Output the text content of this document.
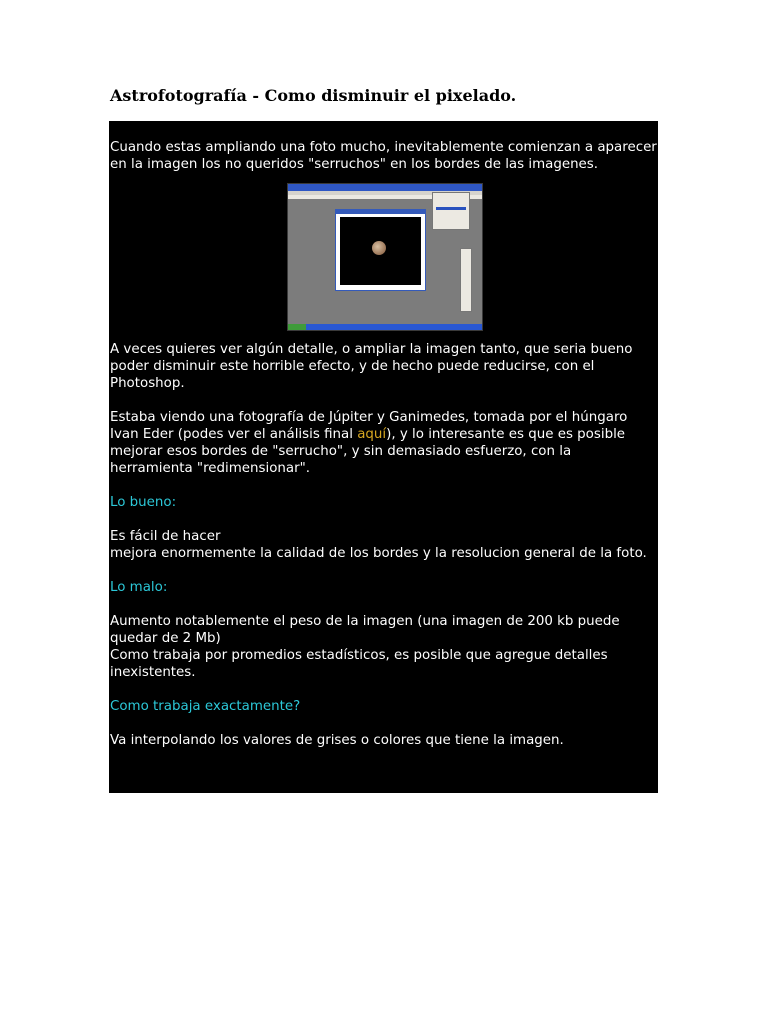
Astrofotografía - Como disminuir el pixelado.

Cuando estas ampliando una foto mucho, inevitablemente comienzan a aparecer en la imagen los no queridos "serruchos" en los bordes de las imagenes.

A veces quieres ver algún detalle, o ampliar la imagen tanto, que seria bueno poder disminuir este horrible efecto, y de hecho puede reducirse, con el Photoshop.

Estaba viendo una fotografía de Júpiter y Ganimedes, tomada por el húngaro Ivan Eder (podes ver el análisis final aquí), y lo interesante es que es posible mejorar esos bordes de "serrucho", y sin demasiado esfuerzo, con la herramienta "redimensionar".

Lo bueno:

Es fácil de hacer

mejora enormemente la calidad de los bordes y la resolucion general de la foto.

Lo malo:

Aumento notablemente el peso de la imagen (una imagen de 200 kb puede quedar de 2 Mb)

Como trabaja por promedios estadísticos, es posible que agregue detalles inexistentes.

Como trabaja exactamente?

Va interpolando los valores de grises o colores que tiene la imagen.
